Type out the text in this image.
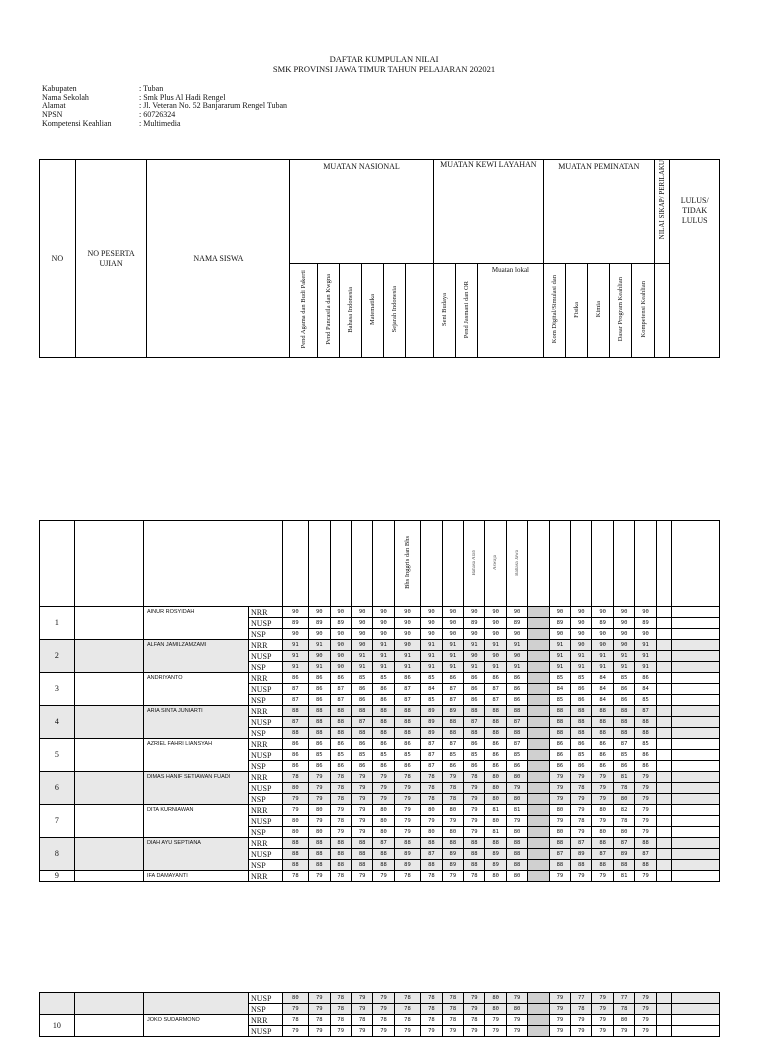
DAFTAR KUMPULAN NILAI
SMK PROVINSI JAWA TIMUR TAHUN PELAJARAN 202021
Kabupaten	: Tuban
Nama Sekolah	: Smk Plus Al Hadi Rengel
Alamat	: Jl. Veteran No. 52 Banjararum Rengel Tuban
NPSN	: 60726324
Kompetensi Keahlian	: Multimedia
NO	NO PESERTA UJIAN	NAMA SISWA	MUATAN NASIONAL						MUATAN KEWI LAYAHAN			MUATAN PEMINATAN					NILAI SIKAP/ PERILAKU	LULUS/ TIDAK LULUS
			Pend Agama dan Budi Pakerti	Pend Pancasila dan Kwgna	Bahasa Indonesia	Matematika	Sejarah Indonesia		Seni Budaya	Pend Jasmani dan OR	Muatan lokal	Kom Digital/Simulasi dan	Fisika	Kimia	Dasar Program Keahlian	Kompetensi Keahlian		
								Bhs Inggris dan Bhs			Bahasa Arab	Aswaja	Bahasa Jawa								
1		AINUR ROSYIDAH	NRR	90	90	90	90	90	90	90	90	90	90	90		90	90	90	90	90		
			NUSP	89	89	89	90	90	90	90	90	89	90	89		89	90	89	90	89		
			NSP	90	90	90	90	90	90	90	90	90	90	90		90	90	90	90	90		
2		ALFAN JAMILZAMZAMI	NRR	91	91	90	90	91	90	91	91	91	91	91		91	90	90	90	91		
			NUSP	91	90	90	91	91	91	91	91	90	90	90		91	91	91	91	91		
			NSP	91	91	90	91	91	91	91	91	91	91	91		91	91	91	91	91		
3		ANDRIYANTO	NRR	86	86	86	85	85	86	85	86	86	86	86		85	85	84	85	86		
			NUSP	87	86	87	86	86	87	84	87	86	87	86		84	86	84	86	84		
			NSP	87	86	87	86	86	87	85	87	86	87	86		85	86	84	86	85		
4		ARIA SINTA JUNIARTI	NRR	88	88	88	88	88	88	89	89	88	88	88		88	88	88	88	87		
			NUSP	87	88	88	87	88	88	89	88	87	88	87		88	88	88	88	88		
			NSP	88	88	88	88	88	88	89	88	88	88	88		88	88	88	88	88		
5		AZRIEL FAHRI LIANSYAH	NRR	86	86	86	86	86	86	87	87	86	86	87		86	86	86	87	85		
			NUSP	86	85	85	85	85	85	87	85	85	86	85		86	85	86	85	86		
			NSP	86	86	86	86	86	86	87	86	86	86	86		86	86	86	86	86		
6		DIMAS HANIF SETIAWAN FUADI	NRR	78	79	78	79	79	78	78	79	78	80	80		79	79	79	81	79		
			NUSP	80	79	78	79	79	79	78	78	79	80	79		79	78	79	78	79		
			NSP	79	79	78	79	79	79	78	78	79	80	80		79	79	79	80	79		
7		DITA KURNIAWAN	NRR	79	80	79	79	80	79	80	80	79	81	81		80	79	80	82	79		
			NUSP	80	79	78	79	80	79	79	79	79	80	79		79	78	79	78	79		
			NSP	80	80	79	79	80	79	80	80	79	81	80		80	79	80	80	79		
8		DIAH AYU SEPTIANA	NRR	88	88	88	88	87	88	88	88	88	88	88		88	87	88	87	88		
			NUSP	88	88	88	88	88	89	87	89	88	89	88		87	89	87	89	87		
			NSP	88	88	88	88	88	89	88	89	88	89	88		88	88	88	88	88		
9		IFA DAMAYANTI	NRR	78	79	78	79	79	78	78	79	78	80	80		79	79	79	81	79		

			NUSP	80	79	78	79	79	78	78	78	79	80	79		79	77	79	77	79		
			NSP	79	79	78	79	79	78	78	78	79	80	80		79	78	79	78	79		
10		JOKO SUDARMONO	NRR	78	78	78	78	78	78	78	78	78	79	79		79	79	79	80	79		
			NUSP	79	79	79	79	79	79	79	79	79	79	79		79	79	79	79	79		
